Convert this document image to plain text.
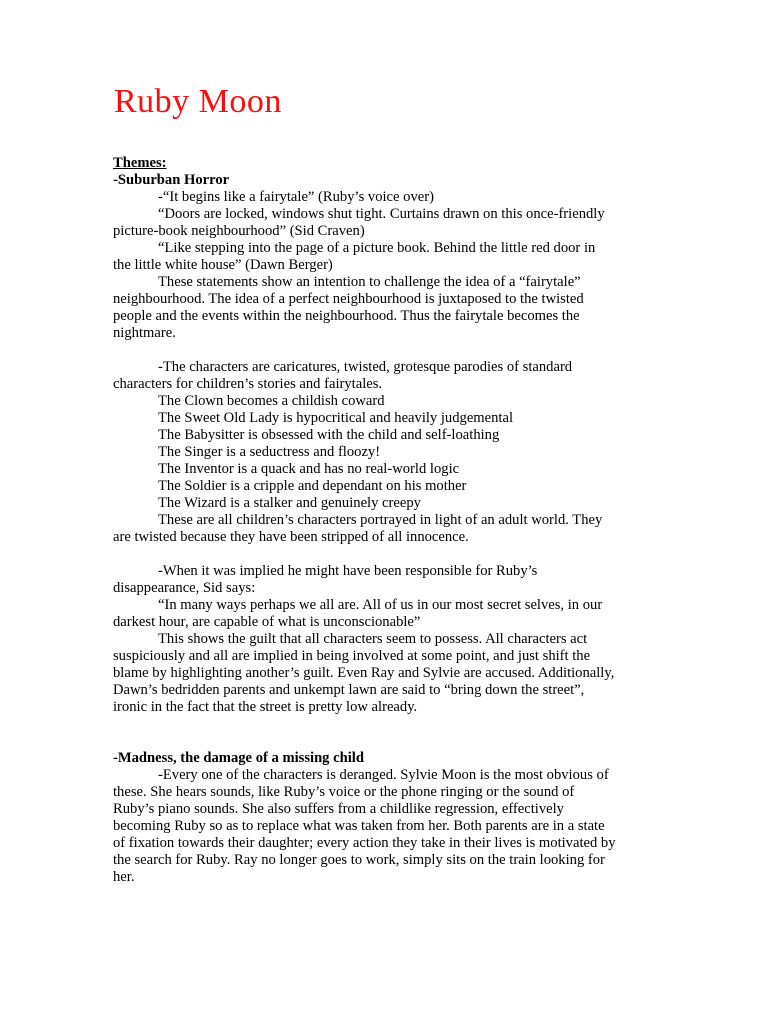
Ruby Moon
Themes:
-Suburban Horror
-“It begins like a fairytale” (Ruby’s voice over)
“Doors are locked, windows shut tight. Curtains drawn on this once-friendly
picture-book neighbourhood” (Sid Craven)
“Like stepping into the page of a picture book. Behind the little red door in
the little white house” (Dawn Berger)
These statements show an intention to challenge the idea of a “fairytale”
neighbourhood. The idea of a perfect neighbourhood is juxtaposed to the twisted
people and the events within the neighbourhood. Thus the fairytale becomes the
nightmare.

-The characters are caricatures, twisted, grotesque parodies of standard
characters for children’s stories and fairytales.
The Clown becomes a childish coward
The Sweet Old Lady is hypocritical and heavily judgemental
The Babysitter is obsessed with the child and self-loathing
The Singer is a seductress and floozy!
The Inventor is a quack and has no real-world logic
The Soldier is a cripple and dependant on his mother
The Wizard is a stalker and genuinely creepy
These are all children’s characters portrayed in light of an adult world. They
are twisted because they have been stripped of all innocence.

-When it was implied he might have been responsible for Ruby’s
disappearance, Sid says:
“In many ways perhaps we all are. All of us in our most secret selves, in our
darkest hour, are capable of what is unconscionable”
This shows the guilt that all characters seem to possess. All characters act
suspiciously and all are implied in being involved at some point, and just shift the
blame by highlighting another’s guilt. Even Ray and Sylvie are accused. Additionally,
Dawn’s bedridden parents and unkempt lawn are said to “bring down the street”,
ironic in the fact that the street is pretty low already.

-Madness, the damage of a missing child
-Every one of the characters is deranged. Sylvie Moon is the most obvious of
these. She hears sounds, like Ruby’s voice or the phone ringing or the sound of
Ruby’s piano sounds. She also suffers from a childlike regression, effectively
becoming Ruby so as to replace what was taken from her. Both parents are in a state
of fixation towards their daughter; every action they take in their lives is motivated by
the search for Ruby. Ray no longer goes to work, simply sits on the train looking for
her.
